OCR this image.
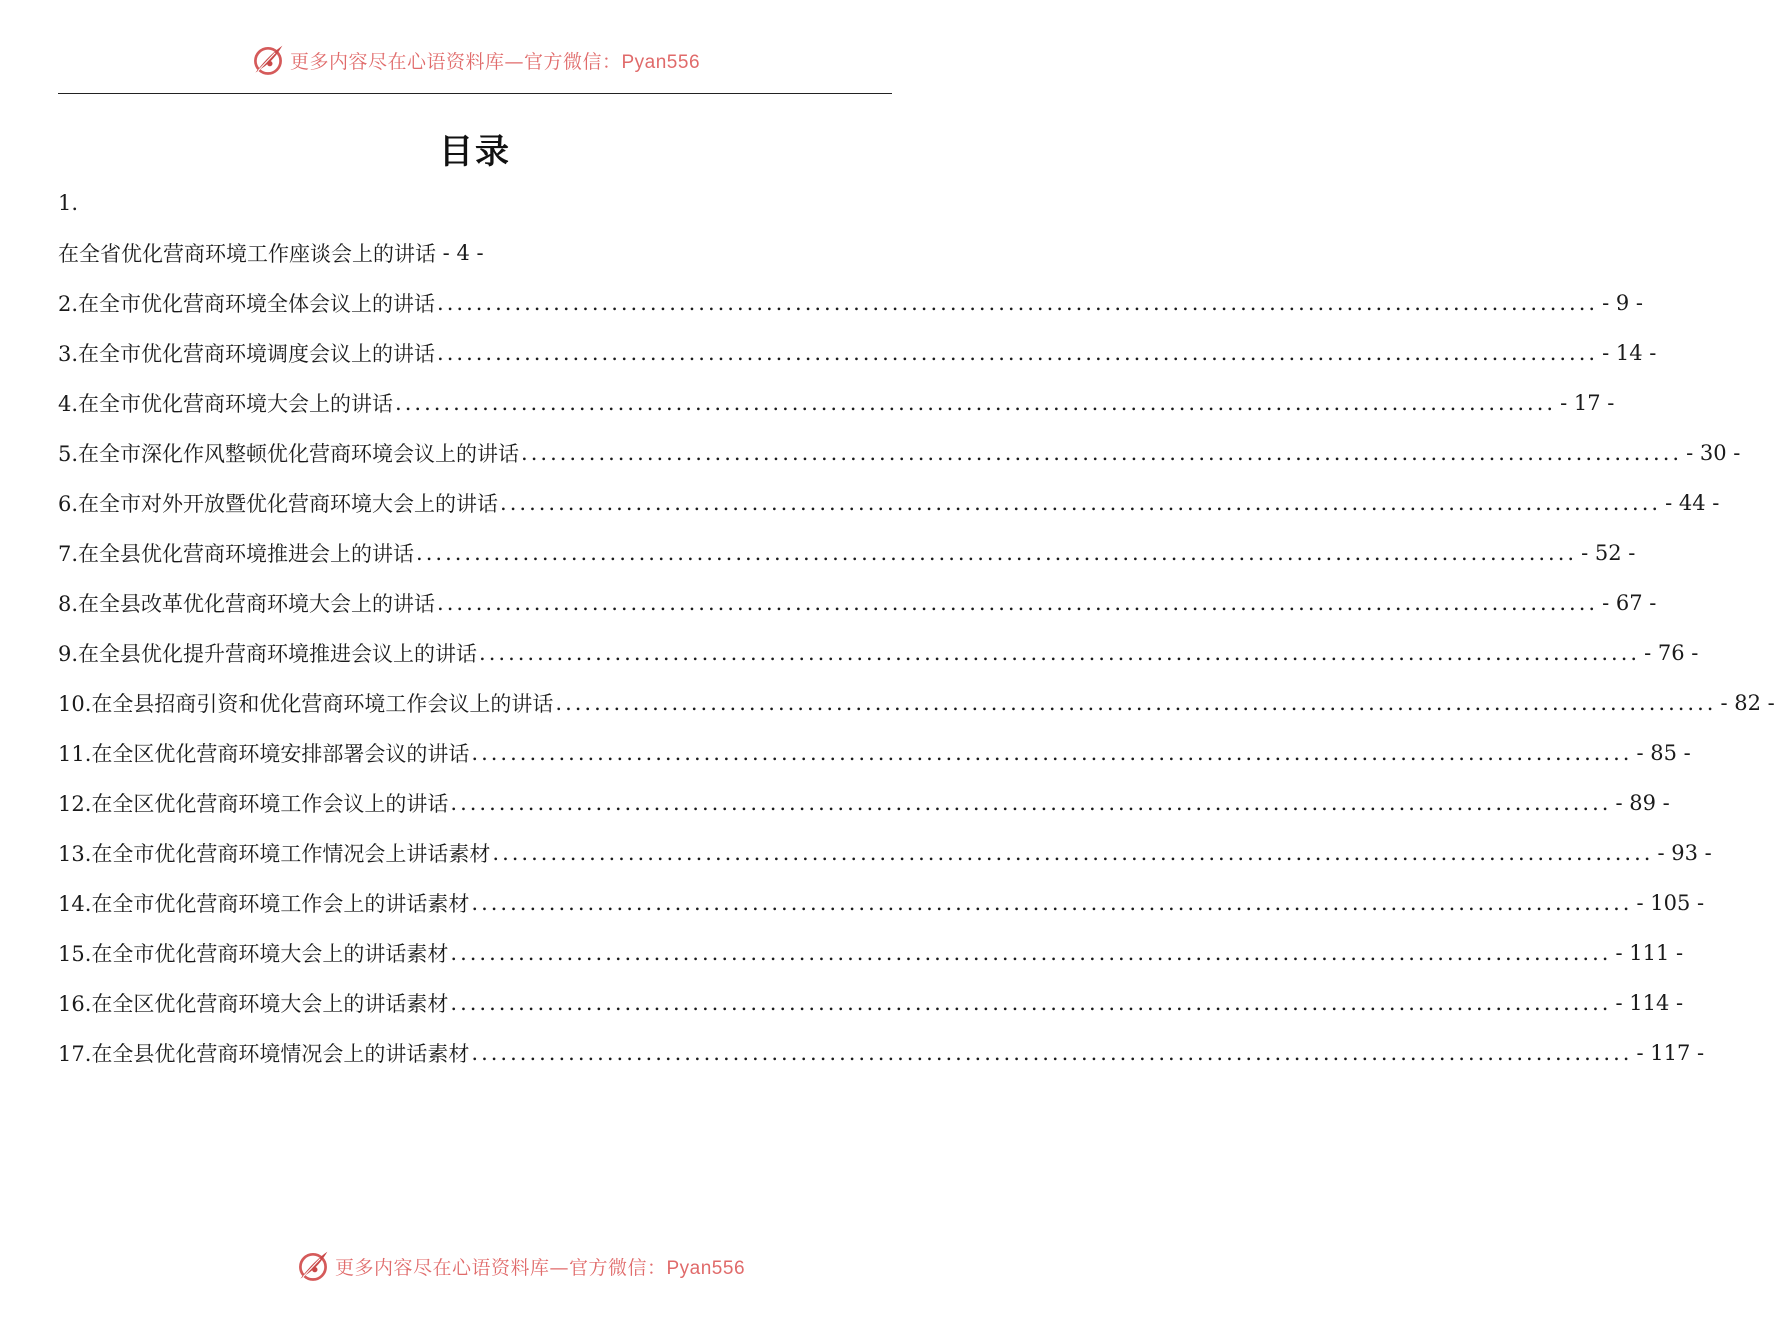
更多内容尽在心语资料库—官方微信：Pyan556
目录
1.
在全省优化营商环境工作座谈会上的讲话 - 4 -
2.在全市优化营商环境全体会议上的讲话 ........................................................................................................................ - 9 -
3.在全市优化营商环境调度会议上的讲话 ........................................................................................................................ - 14 -
4.在全市优化营商环境大会上的讲话 ........................................................................................................................ - 17 -
5.在全市深化作风整顿优化营商环境会议上的讲话 ........................................................................................................................ - 30 -
6.在全市对外开放暨优化营商环境大会上的讲话 ........................................................................................................................ - 44 -
7.在全县优化营商环境推进会上的讲话 ........................................................................................................................ - 52 -
8.在全县改革优化营商环境大会上的讲话 ........................................................................................................................ - 67 -
9.在全县优化提升营商环境推进会议上的讲话 ........................................................................................................................ - 76 -
10.在全县招商引资和优化营商环境工作会议上的讲话 ........................................................................................................................ - 82 -
11.在全区优化营商环境安排部署会议的讲话 ........................................................................................................................ - 85 -
12.在全区优化营商环境工作会议上的讲话 ........................................................................................................................ - 89 -
13.在全市优化营商环境工作情况会上讲话素材 ........................................................................................................................ - 93 -
14.在全市优化营商环境工作会上的讲话素材 ........................................................................................................................ - 105 -
15.在全市优化营商环境大会上的讲话素材 ........................................................................................................................ - 111 -
16.在全区优化营商环境大会上的讲话素材 ........................................................................................................................ - 114 -
17.在全县优化营商环境情况会上的讲话素材 ........................................................................................................................ - 117 -
更多内容尽在心语资料库—官方微信：Pyan556
